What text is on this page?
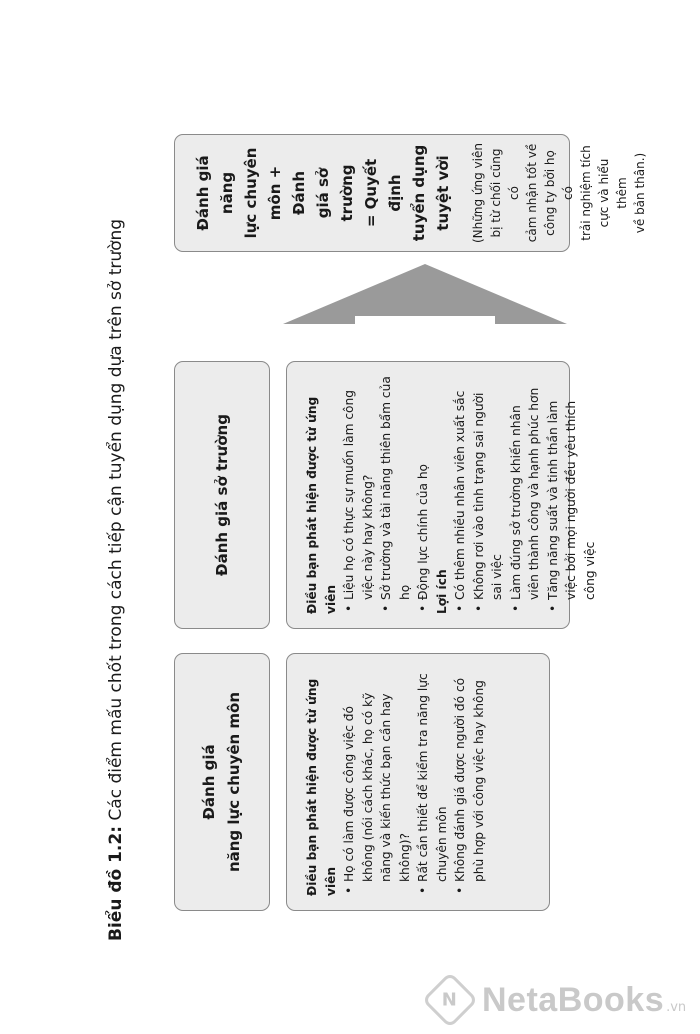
Biểu đồ 1.2: Các điểm mấu chốt trong cách tiếp cận tuyển dụng dựa trên sở trường	Đánh giá năng lực chuyên môn	Điều bạn phát hiện được từ ứng viên • Họ có làm được công việc đó không (nói cách khác, họ có kỹ năng và kiến thức bạn cần hay không)? • Rất cần thiết để kiểm tra năng lực chuyên môn • Không đánh giá được người đó có phù hợp với công việc hay không
Đánh giá sở trường	Điều bạn phát hiện được từ ứng viên • Liệu họ có thực sự muốn làm công việc này hay không? • Sở trường và tài năng thiên bẩm của họ • Động lực chính của họ Lợi ích • Có thêm nhiều nhân viên xuất sắc • Không rơi vào tình trạng sai người sai việc • Làm đúng sở trường khiến nhân viên thành công và hạnh phúc hơn • Tăng năng suất và tinh thần làm việc bởi mọi người đều yêu thích công việc
Đánh giá năng lực chuyên môn + Đánh giá sở trường = Quyết định tuyển dụng tuyệt vời (Những ứng viên bị từ chối cũng có cảm nhận tốt về công ty bởi họ có trải nghiệm tích cực và hiểu thêm về bản thân.)
N NetaBooks .vn
